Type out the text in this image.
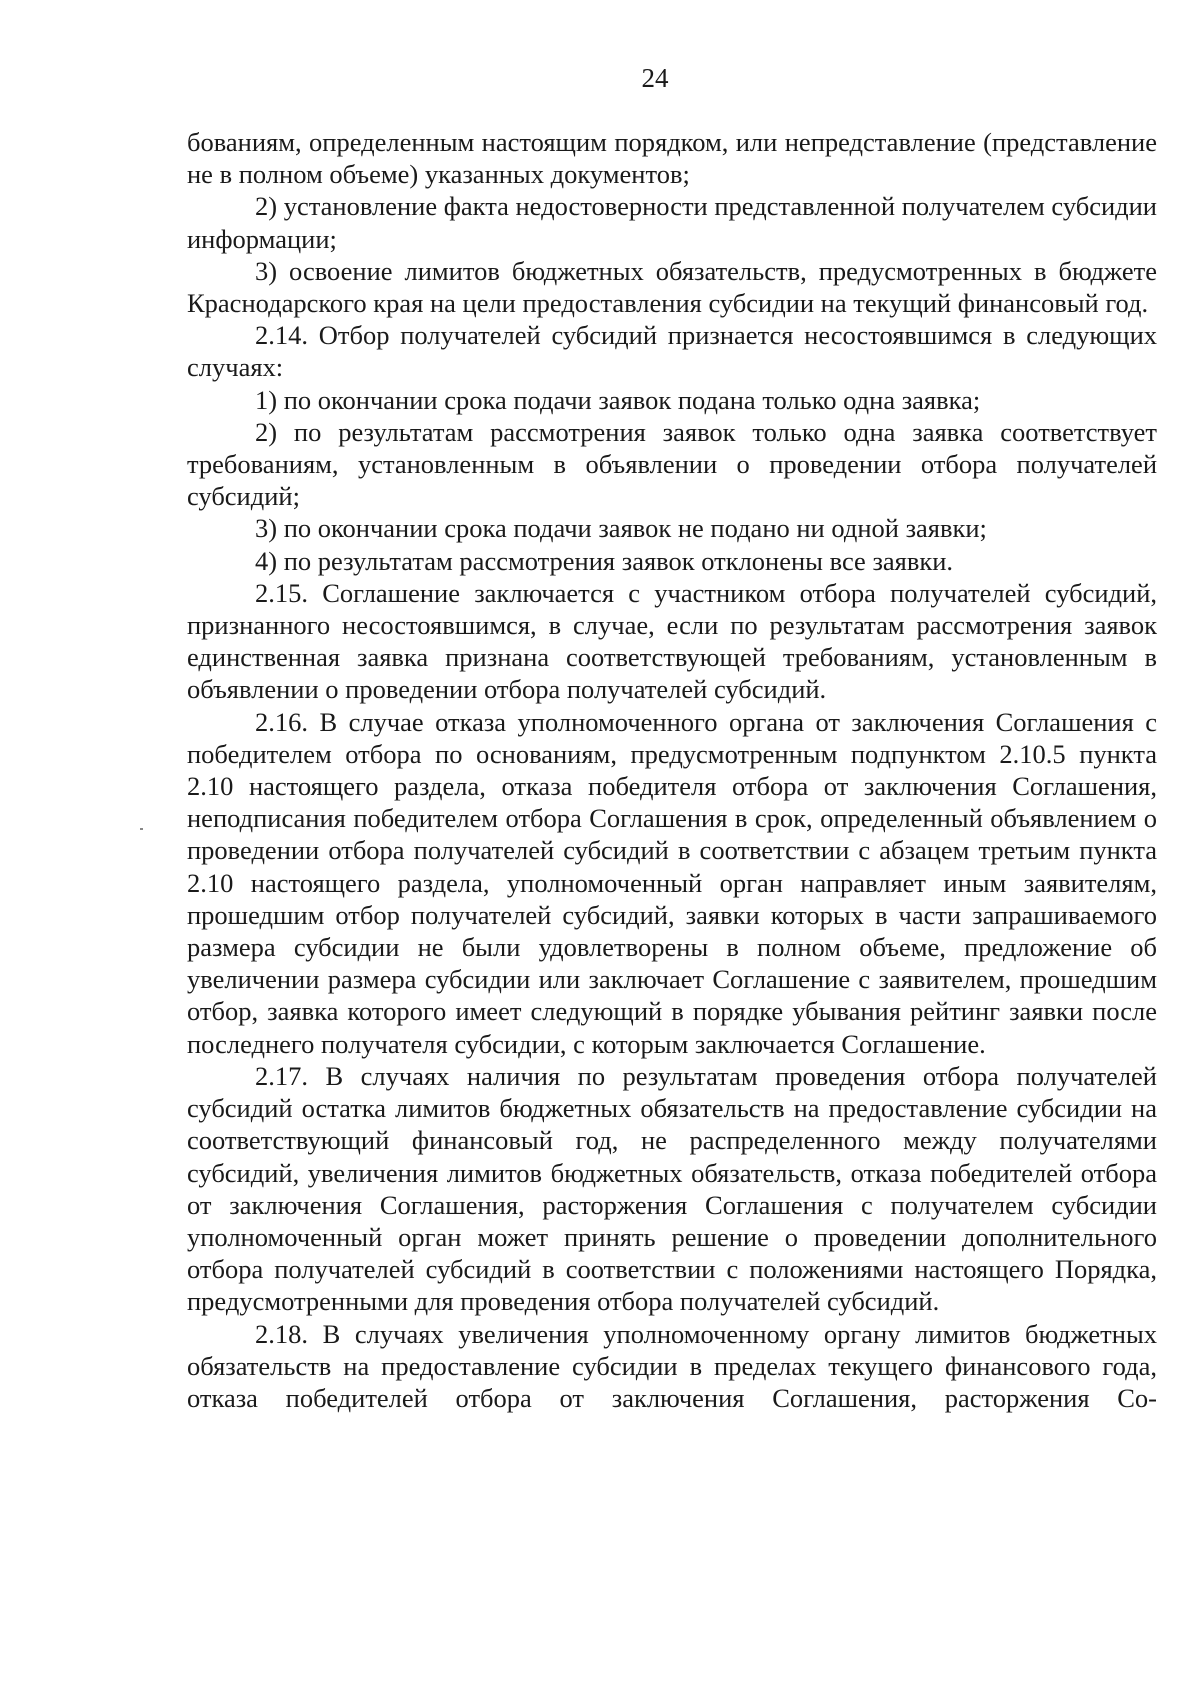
24

бованиям, определенным настоящим порядком, или непредставление (представление не в полном объеме) указанных документов;

2) установление факта недостоверности представленной получателем субсидии информации;

3) освоение лимитов бюджетных обязательств, предусмотренных в бюджете Краснодарского края на цели предоставления субсидии на текущий финансовый год.

2.14. Отбор получателей субсидий признается несостоявшимся в следующих случаях:

1) по окончании срока подачи заявок подана только одна заявка;

2) по результатам рассмотрения заявок только одна заявка соответствует требованиям, установленным в объявлении о проведении отбора получателей субсидий;

3) по окончании срока подачи заявок не подано ни одной заявки;

4) по результатам рассмотрения заявок отклонены все заявки.

2.15. Соглашение заключается с участником отбора получателей субсидий, признанного несостоявшимся, в случае, если по результатам рассмотрения заявок единственная заявка признана соответствующей требованиям, установленным в объявлении о проведении отбора получателей субсидий.

2.16. В случае отказа уполномоченного органа от заключения Соглашения с победителем отбора по основаниям, предусмотренным подпунктом 2.10.5 пункта 2.10 настоящего раздела, отказа победителя отбора от заключения Соглашения, неподписания победителем отбора Соглашения в срок, определенный объявлением о проведении отбора получателей субсидий в соответствии с абзацем третьим пункта 2.10 настоящего раздела, уполномоченный орган направляет иным заявителям, прошедшим отбор получателей субсидий, заявки которых в части запрашиваемого размера субсидии не были удовлетворены в полном объеме, предложение об увеличении размера субсидии или заключает Соглашение с заявителем, прошедшим отбор, заявка которого имеет следующий в порядке убывания рейтинг заявки после последнего получателя субсидии, с которым заключается Соглашение.

2.17. В случаях наличия по результатам проведения отбора получателей субсидий остатка лимитов бюджетных обязательств на предоставление субсидии на соответствующий финансовый год, не распределенного между получателями субсидий, увеличения лимитов бюджетных обязательств, отказа победителей отбора от заключения Соглашения, расторжения Соглашения с получателем субсидии уполномоченный орган может принять решение о проведении дополнительного отбора получателей субсидий в соответствии с положениями настоящего Порядка, предусмотренными для проведения отбора получателей субсидий.

2.18. В случаях увеличения уполномоченному органу лимитов бюджетных обязательств на предоставление субсидии в пределах текущего финансового года, отказа победителей отбора от заключения Соглашения, расторжения Со-
